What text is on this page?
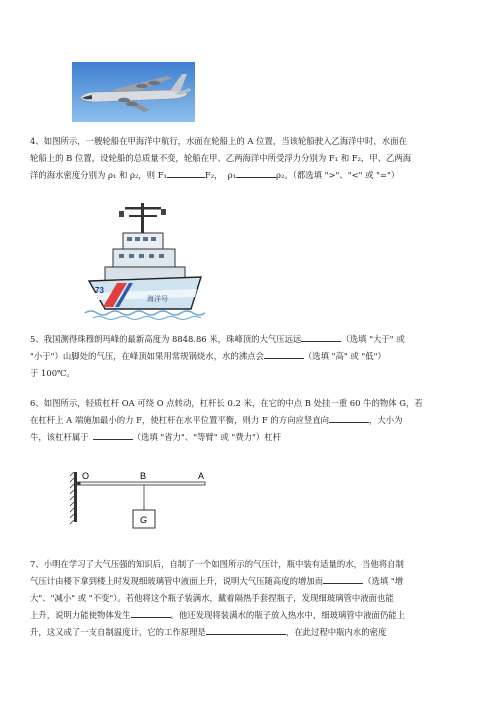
4、如图所示，一艘轮船在甲海洋中航行，水面在轮船上的 A 位置，当该轮船驶入乙海洋中时，水面在

轮船上的 B 位置，设轮船的总质量不变，轮船在甲、乙两海洋中所受浮力分别为 F₁ 和 F₂，甲、乙两海

洋的海水密度分别为 ρ₁ 和 ρ₂，则 F₁	F₂， ρ₁	ρ₂。（都选填 ">"、"<" 或 "="）

73
海洋号

5、我国测得珠穆朗玛峰的最新高度为 8848.86 米，珠峰顶的大气压远远	（选填 "大于" 或

"小于"）山脚处的气压，在峰顶如果用常规锅烧水，水的沸点会	（选填 "高" 或 "低"）

于 100℃。

6、如图所示，轻质杠杆 OA 可绕 O 点转动，杠杆长 0.2 米，在它的中点 B 处挂一重 60 牛的物体 G，若

在杠杆上 A 端施加最小的力 F，使杠杆在水平位置平衡，则力 F 的方向应竖直向	，大小为

牛，该杠杆属于	（选填 "省力"、"等臂" 或 "费力"）杠杆

O	B	A
G

7、小明在学习了大气压强的知识后，自制了一个如图所示的气压计，瓶中装有适量的水，当他将自制

气压计由楼下拿到楼上时发现细玻璃管中液面上升，说明大气压随高度的增加而	（选填 "增

大"、"减小" 或 "不变"）。若他将这个瓶子装满水，戴着隔热手套捏瓶子，发现细玻璃管中液面也能

上升，说明力能使物体发生	。他还发现将装满水的瓶子放入热水中，细玻璃管中液面仍能上

升，这又成了一支自制温度计，它的工作原理是	，在此过程中瓶内水的密度
